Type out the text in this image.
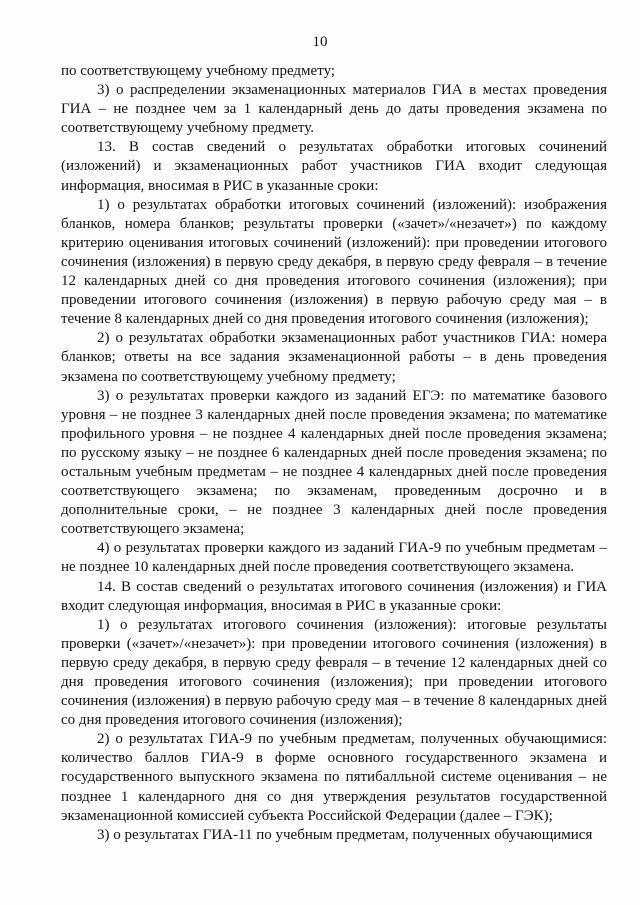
10

по соответствующему учебному предмету;

3) о распределении экзаменационных материалов ГИА в местах проведения ГИА – не позднее чем за 1 календарный день до даты проведения экзамена по соответствующему учебному предмету.

13. В состав сведений о результатах обработки итоговых сочинений (изложений) и экзаменационных работ участников ГИА входит следующая информация, вносимая в РИС в указанные сроки:

1) о результатах обработки итоговых сочинений (изложений): изображения бланков, номера бланков; результаты проверки («зачет»/«незачет») по каждому критерию оценивания итоговых сочинений (изложений): при проведении итогового сочинения (изложения) в первую среду декабря, в первую среду февраля – в течение 12 календарных дней со дня проведения итогового сочинения (изложения); при проведении итогового сочинения (изложения) в первую рабочую среду мая – в течение 8 календарных дней со дня проведения итогового сочинения (изложения);

2) о результатах обработки экзаменационных работ участников ГИА: номера бланков; ответы на все задания экзаменационной работы – в день проведения экзамена по соответствующему учебному предмету;

3) о результатах проверки каждого из заданий ЕГЭ: по математике базового уровня – не позднее 3 календарных дней после проведения экзамена; по математике профильного уровня – не позднее 4 календарных дней после проведения экзамена; по русскому языку – не позднее 6 календарных дней после проведения экзамена; по остальным учебным предметам – не позднее 4 календарных дней после проведения соответствующего экзамена; по экзаменам, проведенным досрочно и в дополнительные сроки, – не позднее 3 календарных дней после проведения соответствующего экзамена;

4) о результатах проверки каждого из заданий ГИА-9 по учебным предметам – не позднее 10 календарных дней после проведения соответствующего экзамена.

14. В состав сведений о результатах итогового сочинения (изложения) и ГИА входит следующая информация, вносимая в РИС в указанные сроки:

1) о результатах итогового сочинения (изложения): итоговые результаты проверки («зачет»/«незачет»): при проведении итогового сочинения (изложения) в первую среду декабря, в первую среду февраля – в течение 12 календарных дней со дня проведения итогового сочинения (изложения); при проведении итогового сочинения (изложения) в первую рабочую среду мая – в течение 8 календарных дней со дня проведения итогового сочинения (изложения);

2) о результатах ГИА-9 по учебным предметам, полученных обучающимися: количество баллов ГИА-9 в форме основного государственного экзамена и государственного выпускного экзамена по пятибалльной системе оценивания – не позднее 1 календарного дня со дня утверждения результатов государственной экзаменационной комиссией субъекта Российской Федерации (далее – ГЭК);

3) о результатах ГИА-11 по учебным предметам, полученных обучающимися
